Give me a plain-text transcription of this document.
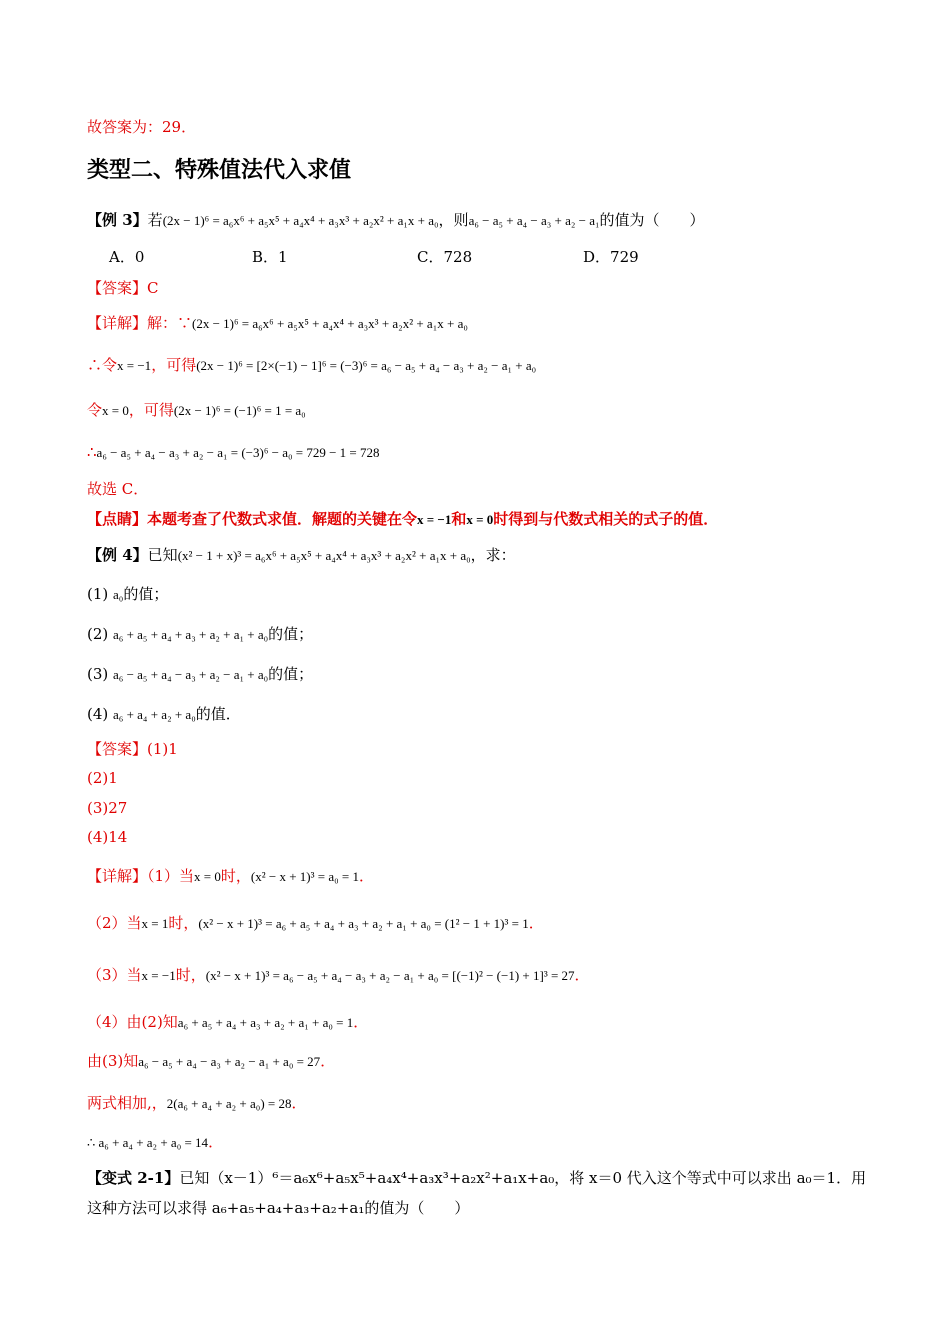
故答案为：29．
类型二、特殊值法代入求值
【例 3】若(2x − 1)⁶ = a₆x⁶ + a₅x⁵ + a₄x⁴ + a₃x³ + a₂x² + a₁x + a₀，则a₆ − a₅ + a₄ − a₃ + a₂ − a₁的值为（　　）
A．0	B．1	C．728	D．729
【答案】C
【详解】解：∵(2x − 1)⁶ = a₆x⁶ + a₅x⁵ + a₄x⁴ + a₃x³ + a₂x² + a₁x + a₀
∴令x = −1，可得(2x − 1)⁶ = [2×(−1) − 1]⁶ = (−3)⁶ = a₆ − a₅ + a₄ − a₃ + a₂ − a₁ + a₀
令x = 0，可得(2x − 1)⁶ = (−1)⁶ = 1 = a₀
∴a₆ − a₅ + a₄ − a₃ + a₂ − a₁ = (−3)⁶ − a₀ = 729 − 1 = 728
故选 C．
【点睛】本题考查了代数式求值．解题的关键在令x = −1和x = 0时得到与代数式相关的式子的值．
【例 4】已知(x² − 1 + x)³ = a₆x⁶ + a₅x⁵ + a₄x⁴ + a₃x³ + a₂x² + a₁x + a₀，求：
(1) a₀的值；
(2) a₆ + a₅ + a₄ + a₃ + a₂ + a₁ + a₀的值；
(3) a₆ − a₅ + a₄ − a₃ + a₂ − a₁ + a₀的值；
(4) a₆ + a₄ + a₂ + a₀的值．
【答案】(1)1
(2)1
(3)27
(4)14
【详解】（1）当x = 0时，(x² − x + 1)³ = a₀ = 1．
（2）当x = 1时，(x² − x + 1)³ = a₆ + a₅ + a₄ + a₃ + a₂ + a₁ + a₀ = (1² − 1 + 1)³ = 1．
（3）当x = −1时，(x² − x + 1)³ = a₆ − a₅ + a₄ − a₃ + a₂ − a₁ + a₀ = [(−1)² − (−1) + 1]³ = 27．
（4）由(2)知a₆ + a₅ + a₄ + a₃ + a₂ + a₁ + a₀ = 1．
由(3)知a₆ − a₅ + a₄ − a₃ + a₂ − a₁ + a₀ = 27．
两式相加,，2(a₆ + a₄ + a₂ + a₀) = 28．
∴ a₆ + a₄ + a₂ + a₀ = 14．
【变式 2-1】已知（x－1）⁶＝a₆x⁶+a₅x⁵+a₄x⁴+a₃x³+a₂x²+a₁x+a₀，将 x＝0 代入这个等式中可以求出 a₀＝1．用
这种方法可以求得 a₆+a₅+a₄+a₃+a₂+a₁的值为（　　）
